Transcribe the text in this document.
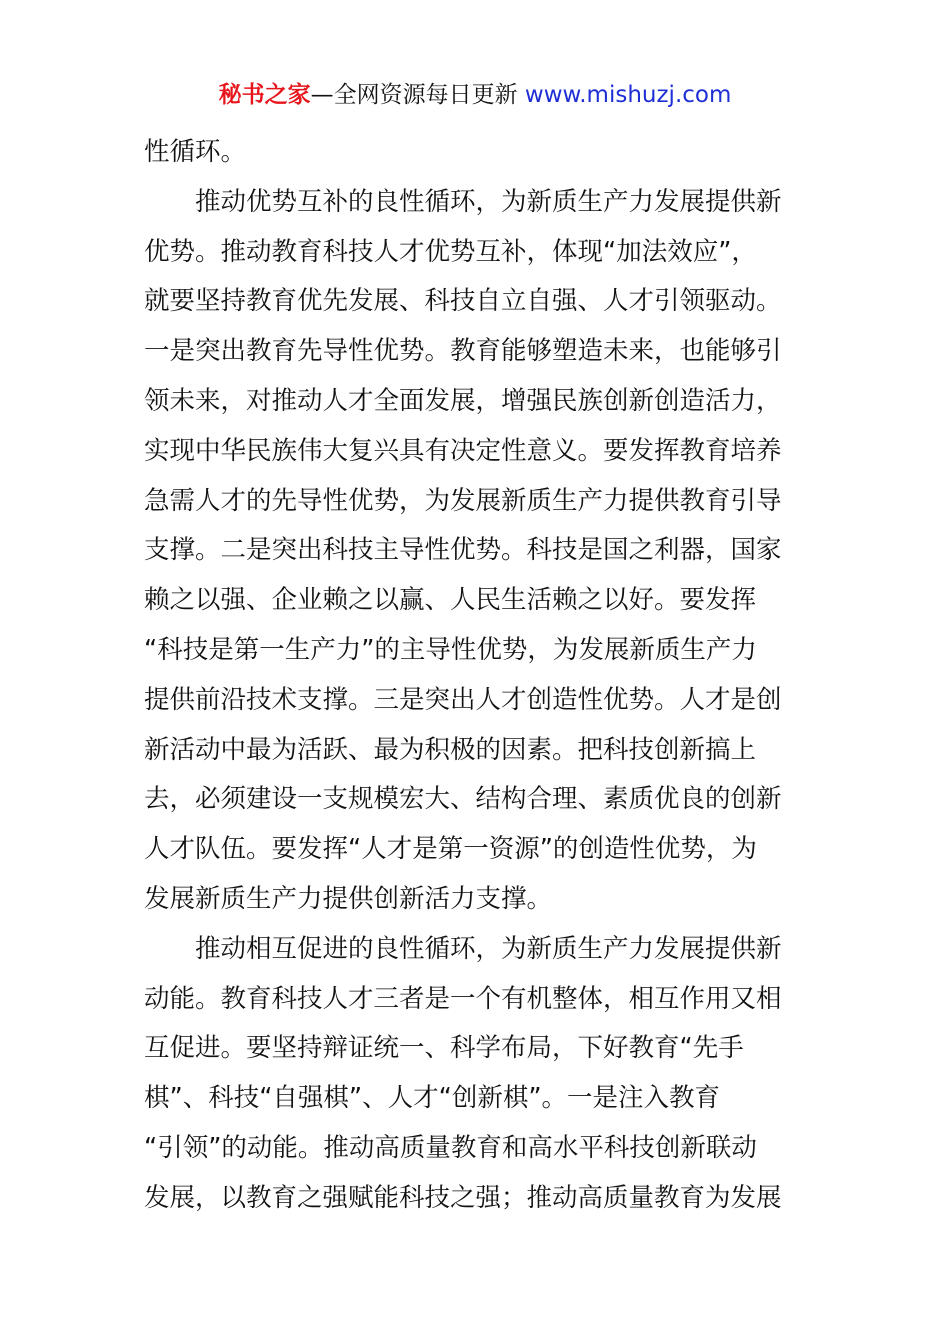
秘书之家—全网资源每日更新 www.mishuzj.com
性循环。
　　推动优势互补的良性循环，为新质生产力发展提供新
优势。推动教育科技人才优势互补，体现“加法效应”，
就要坚持教育优先发展、科技自立自强、人才引领驱动。
一是突出教育先导性优势。教育能够塑造未来，也能够引
领未来，对推动人才全面发展，增强民族创新创造活力，
实现中华民族伟大复兴具有决定性意义。要发挥教育培养
急需人才的先导性优势，为发展新质生产力提供教育引导
支撑。二是突出科技主导性优势。科技是国之利器，国家
赖之以强、企业赖之以赢、人民生活赖之以好。要发挥
“科技是第一生产力”的主导性优势，为发展新质生产力
提供前沿技术支撑。三是突出人才创造性优势。人才是创
新活动中最为活跃、最为积极的因素。把科技创新搞上
去，必须建设一支规模宏大、结构合理、素质优良的创新
人才队伍。要发挥“人才是第一资源”的创造性优势，为
发展新质生产力提供创新活力支撑。
　　推动相互促进的良性循环，为新质生产力发展提供新
动能。教育科技人才三者是一个有机整体，相互作用又相
互促进。要坚持辩证统一、科学布局，下好教育“先手
棋”、科技“自强棋”、人才“创新棋”。一是注入教育
“引领”的动能。推动高质量教育和高水平科技创新联动
发展，以教育之强赋能科技之强；推动高质量教育为发展
